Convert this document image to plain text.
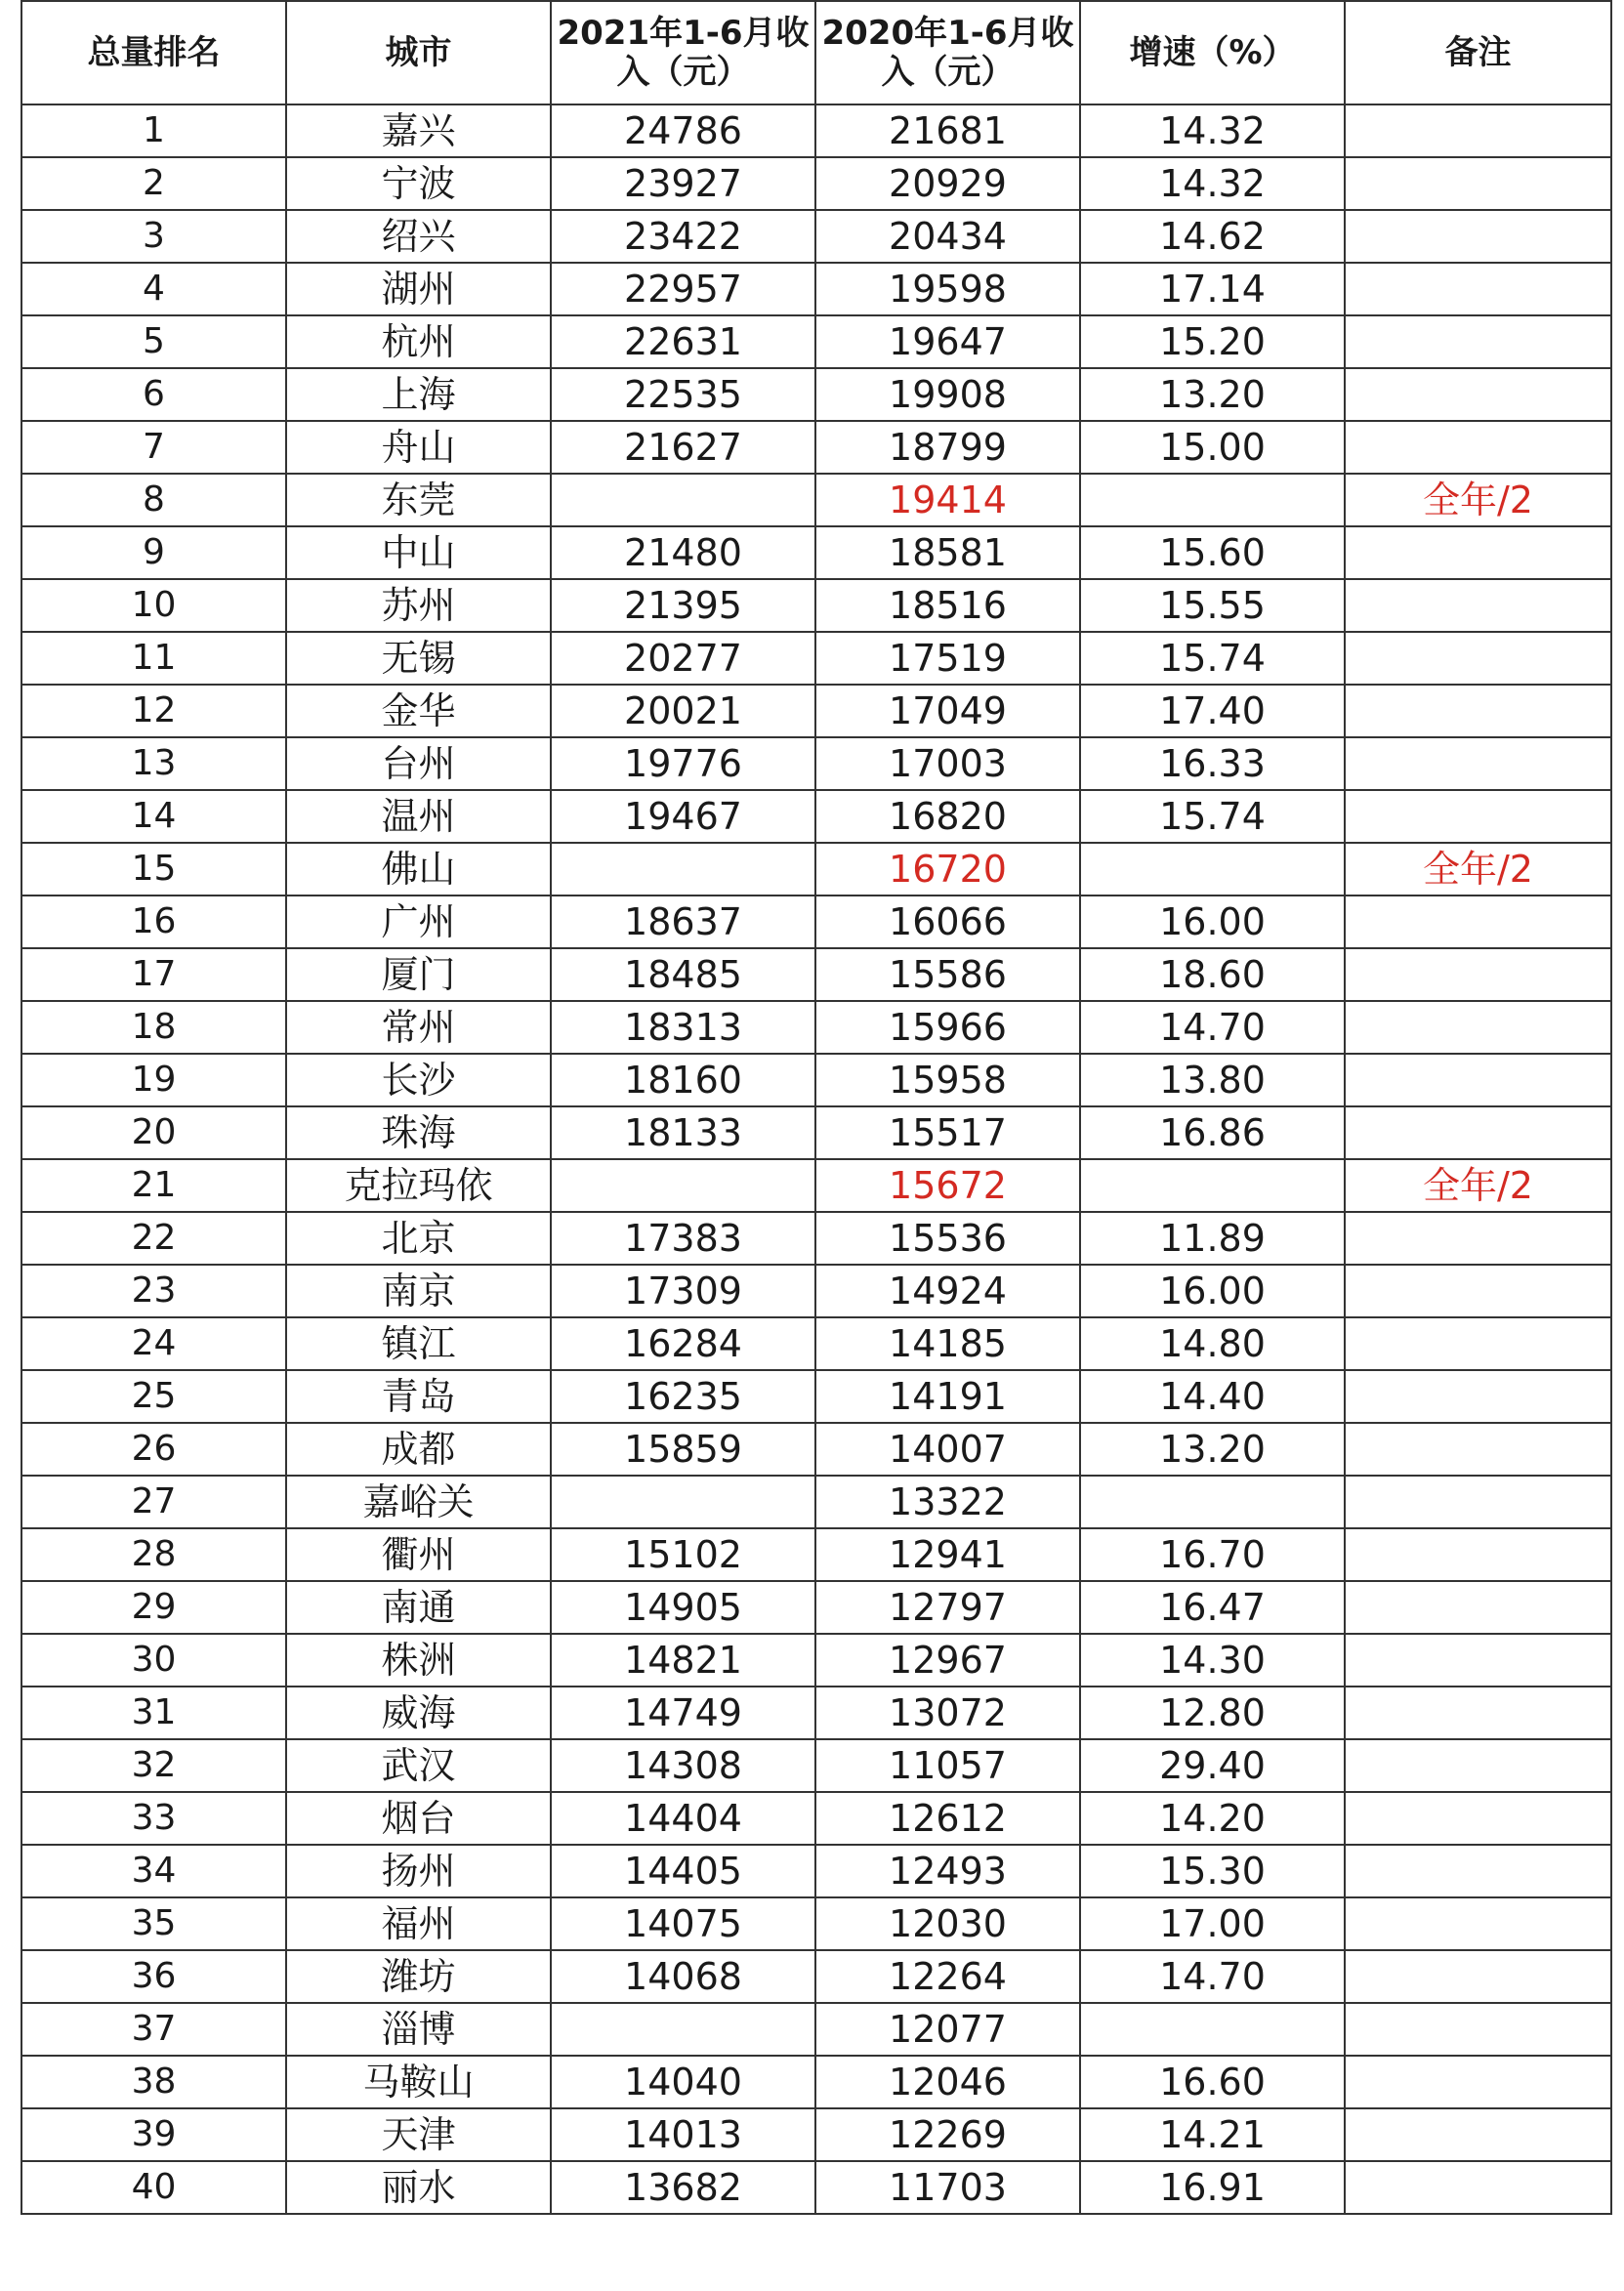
总量排名	城市	2021年1-6月收入（元）	2020年1-6月收入（元）	增速（%）	备注
1	嘉兴	24786	21681	14.32	
2	宁波	23927	20929	14.32	
3	绍兴	23422	20434	14.62	
4	湖州	22957	19598	17.14	
5	杭州	22631	19647	15.20	
6	上海	22535	19908	13.20	
7	舟山	21627	18799	15.00	
8	东莞		19414		全年/2
9	中山	21480	18581	15.60	
10	苏州	21395	18516	15.55	
11	无锡	20277	17519	15.74	
12	金华	20021	17049	17.40	
13	台州	19776	17003	16.33	
14	温州	19467	16820	15.74	
15	佛山		16720		全年/2
16	广州	18637	16066	16.00	
17	厦门	18485	15586	18.60	
18	常州	18313	15966	14.70	
19	长沙	18160	15958	13.80	
20	珠海	18133	15517	16.86	
21	克拉玛依		15672		全年/2
22	北京	17383	15536	11.89	
23	南京	17309	14924	16.00	
24	镇江	16284	14185	14.80	
25	青岛	16235	14191	14.40	
26	成都	15859	14007	13.20	
27	嘉峪关		13322		
28	衢州	15102	12941	16.70	
29	南通	14905	12797	16.47	
30	株洲	14821	12967	14.30	
31	威海	14749	13072	12.80	
32	武汉	14308	11057	29.40	
33	烟台	14404	12612	14.20	
34	扬州	14405	12493	15.30	
35	福州	14075	12030	17.00	
36	潍坊	14068	12264	14.70	
37	淄博		12077		
38	马鞍山	14040	12046	16.60	
39	天津	14013	12269	14.21	
40	丽水	13682	11703	16.91	
